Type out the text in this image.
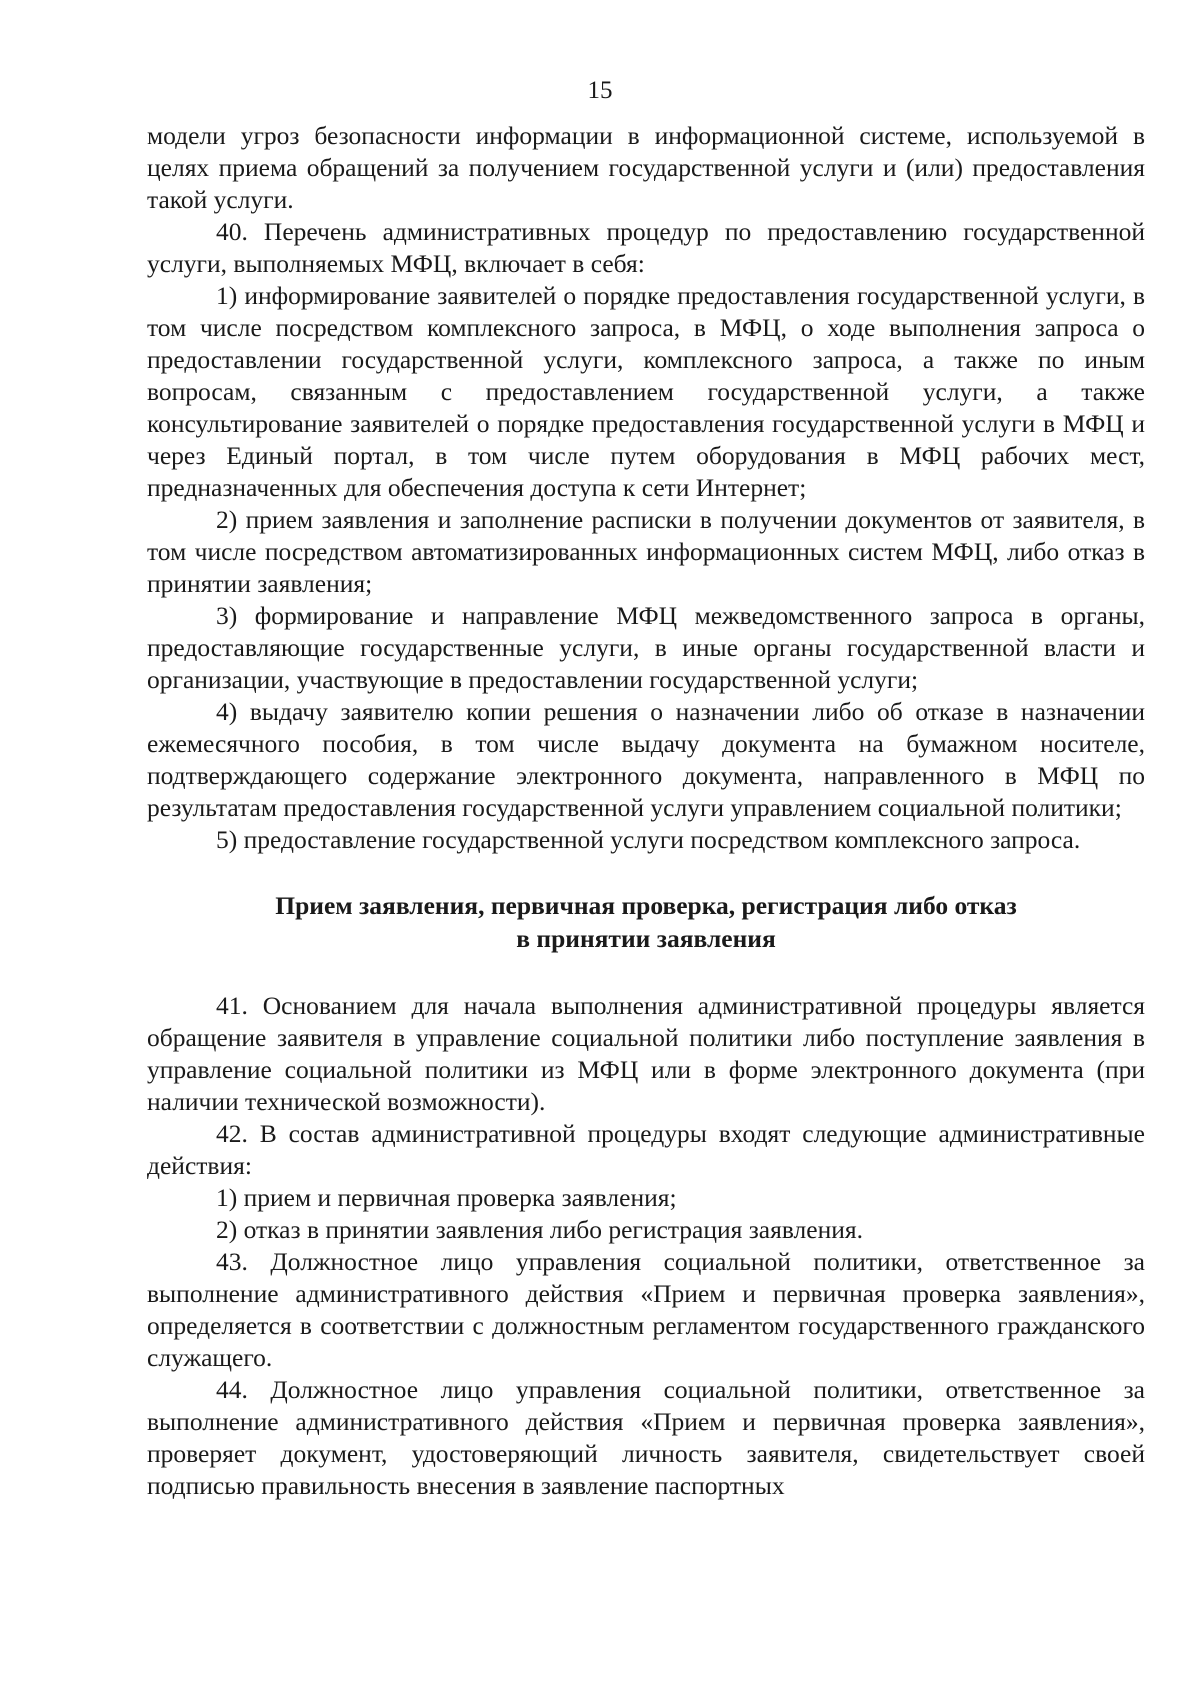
15

модели угроз безопасности информации в информационной системе, используемой в целях приема обращений за получением государственной услуги и (или) предоставления такой услуги.

40. Перечень административных процедур по предоставлению государственной услуги, выполняемых МФЦ, включает в себя:

1) информирование заявителей о порядке предоставления государственной услуги, в том числе посредством комплексного запроса, в МФЦ, о ходе выполнения запроса о предоставлении государственной услуги, комплексного запроса, а также по иным вопросам, связанным с предоставлением государственной услуги, а также консультирование заявителей о порядке предоставления государственной услуги в МФЦ и через Единый портал, в том числе путем оборудования в МФЦ рабочих мест, предназначенных для обеспечения доступа к сети Интернет;

2) прием заявления и заполнение расписки в получении документов от заявителя, в том числе посредством автоматизированных информационных систем МФЦ, либо отказ в принятии заявления;

3) формирование и направление МФЦ межведомственного запроса в органы, предоставляющие государственные услуги, в иные органы государственной власти и организации, участвующие в предоставлении государственной услуги;

4) выдачу заявителю копии решения о назначении либо об отказе в назначении ежемесячного пособия, в том числе выдачу документа на бумажном носителе, подтверждающего содержание электронного документа, направленного в МФЦ по результатам предоставления государственной услуги управлением социальной политики;

5) предоставление государственной услуги посредством комплексного запроса.

Прием заявления, первичная проверка, регистрация либо отказ
в принятии заявления

41. Основанием для начала выполнения административной процедуры является обращение заявителя в управление социальной политики либо поступление заявления в управление социальной политики из МФЦ или в форме электронного документа (при наличии технической возможности).

42. В состав административной процедуры входят следующие административные действия:

1) прием и первичная проверка заявления;

2) отказ в принятии заявления либо регистрация заявления.

43. Должностное лицо управления социальной политики, ответственное за выполнение административного действия «Прием и первичная проверка заявления», определяется в соответствии с должностным регламентом государственного гражданского служащего.

44. Должностное лицо управления социальной политики, ответственное за выполнение административного действия «Прием и первичная проверка заявления», проверяет документ, удостоверяющий личность заявителя, свидетельствует своей подписью правильность внесения в заявление паспортных
